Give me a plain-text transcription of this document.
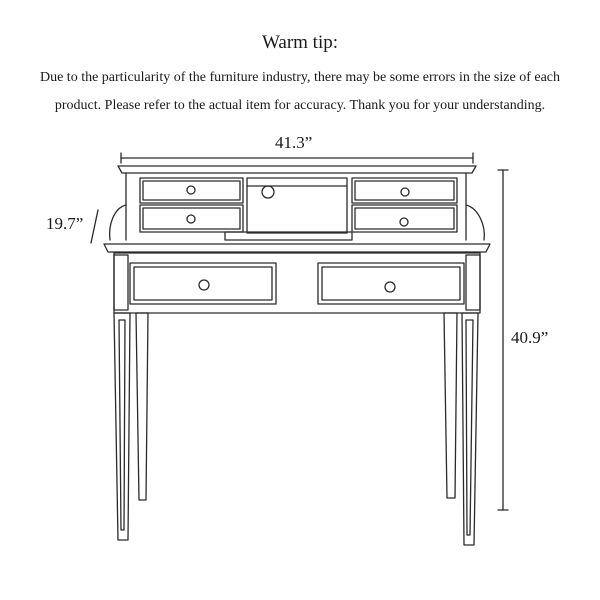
Warm tip:
Due to the particularity of the furniture industry, there may be some errors in the size of each
product. Please refer to the actual item for accuracy. Thank you for your understanding.
41.3”
19.7”
40.9”
